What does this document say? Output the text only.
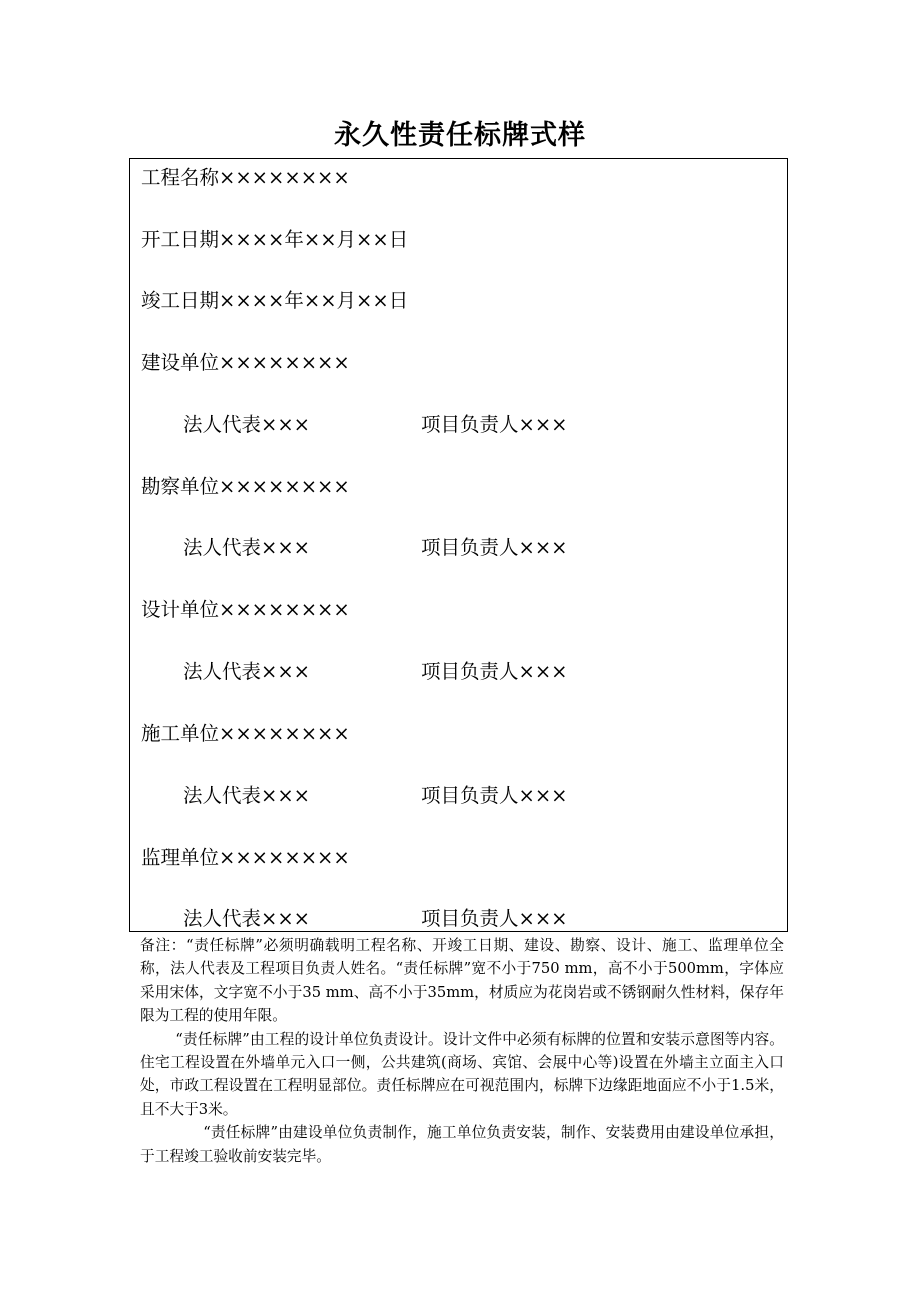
永久性责任标牌式样
工程名称××××××××
开工日期××××年××月××日
竣工日期××××年××月××日
建设单位××××××××
法人代表×××	项目负责人×××
勘察单位××××××××
法人代表×××	项目负责人×××
设计单位××××××××
法人代表×××	项目负责人×××
施工单位××××××××
法人代表×××	项目负责人×××
监理单位××××××××
法人代表×××	项目负责人×××

备注：“责任标牌”必须明确载明工程名称、开竣工日期、建设、勘察、设计、施工、监理单位全称，法人代表及工程项目负责人姓名。“责任标牌”宽不小于750 mm，高不小于500mm，字体应采用宋体，文字宽不小于35 mm、高不小于35mm，材质应为花岗岩或不锈钢耐久性材料，保存年限为工程的使用年限。

“责任标牌”由工程的设计单位负责设计。设计文件中必须有标牌的位置和安装示意图等内容。住宅工程设置在外墙单元入口一侧，公共建筑(商场、宾馆、会展中心等)设置在外墙主立面主入口处，市政工程设置在工程明显部位。责任标牌应在可视范围内，标牌下边缘距地面应不小于1.5米，且不大于3米。

“责任标牌”由建设单位负责制作，施工单位负责安装，制作、安装费用由建设单位承担，于工程竣工验收前安装完毕。
